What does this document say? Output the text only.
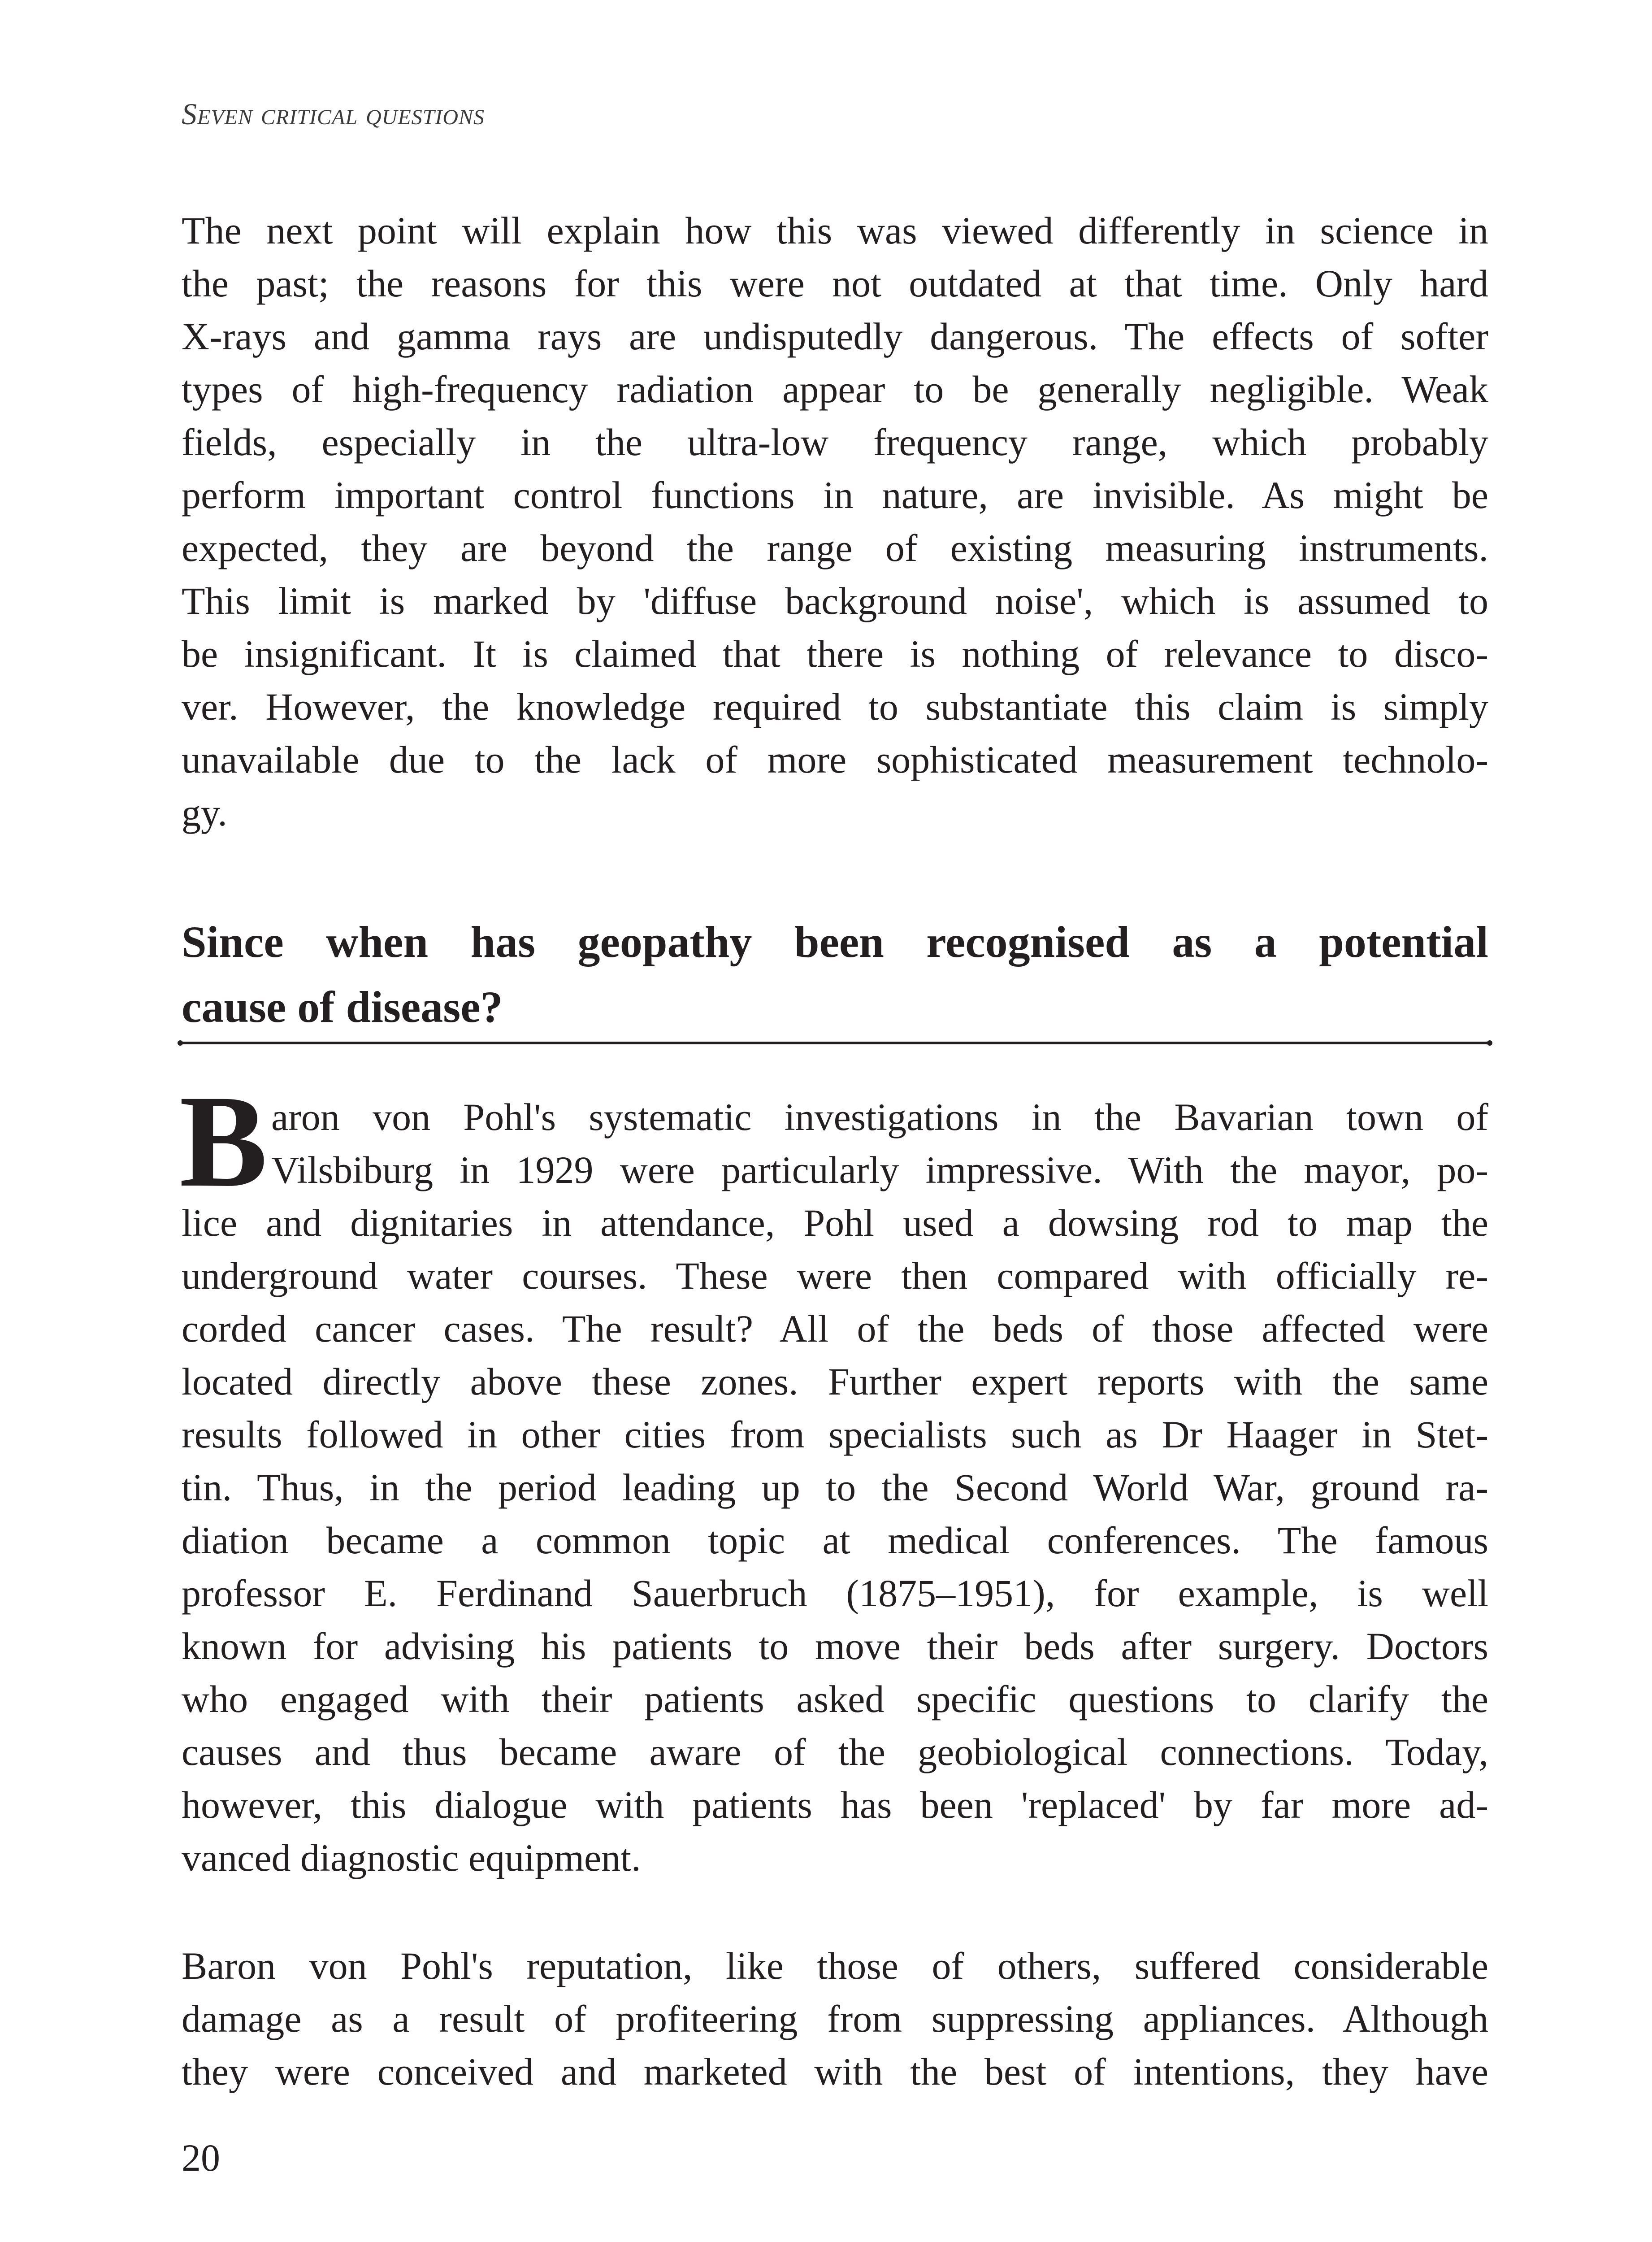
Seven critical questions
The next point will explain how this was viewed differently in science in
the past; the reasons for this were not outdated at that time. Only hard
X-rays and gamma rays are undisputedly dangerous. The effects of softer
types of high-frequency radiation appear to be generally negligible. Weak
fields, especially in the ultra-low frequency range, which probably
perform important control functions in nature, are invisible. As might be
expected, they are beyond the range of existing measuring instruments.
This limit is marked by 'diffuse background noise', which is assumed to
be insignificant. It is claimed that there is nothing of relevance to disco-
ver. However, the knowledge required to substantiate this claim is simply
unavailable due to the lack of more sophisticated measurement technolo-
gy.
Since when has geopathy been recognised as a potential
cause of disease?
B aron von Pohl's systematic investigations in the Bavarian town of
Vilsbiburg in 1929 were particularly impressive. With the mayor, po-
lice and dignitaries in attendance, Pohl used a dowsing rod to map the
underground water courses. These were then compared with officially re-
corded cancer cases. The result? All of the beds of those affected were
located directly above these zones. Further expert reports with the same
results followed in other cities from specialists such as Dr Haager in Stet-
tin. Thus, in the period leading up to the Second World War, ground ra-
diation became a common topic at medical conferences. The famous
professor E. Ferdinand Sauerbruch (1875–1951), for example, is well
known for advising his patients to move their beds after surgery. Doctors
who engaged with their patients asked specific questions to clarify the
causes and thus became aware of the geobiological connections. Today,
however, this dialogue with patients has been 'replaced' by far more ad-
vanced diagnostic equipment.
Baron von Pohl's reputation, like those of others, suffered considerable
damage as a result of profiteering from suppressing appliances. Although
they were conceived and marketed with the best of intentions, they have
20
